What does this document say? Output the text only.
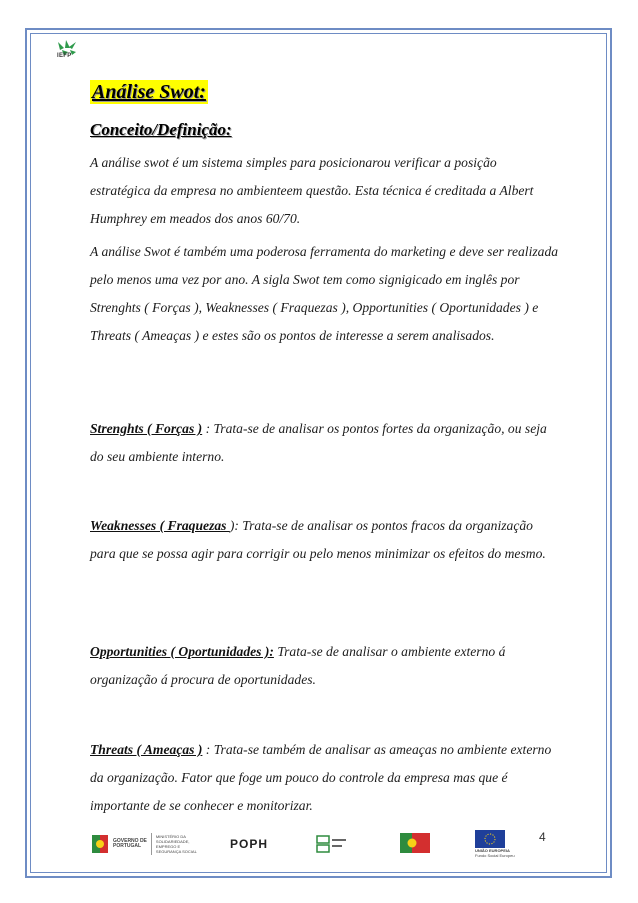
IEFP
Análise Swot:
Conceito/Definição:

A análise swot é um sistema simples para posicionarou verificar a posição estratégica da empresa no ambienteem questão. Esta técnica é creditada a Albert Humphrey em meados dos anos 60/70.

A análise Swot é também uma poderosa ferramenta do marketing e deve ser realizada pelo menos uma vez por ano. A sigla Swot tem como signigicado em inglês por Strenghts ( Forças ), Weaknesses ( Fraquezas ), Opportunities ( Oportunidades ) e Threats ( Ameaças ) e estes são os pontos de interesse a serem analisados.

Strenghts ( Forças ) : Trata-se de analisar os pontos fortes da organização, ou seja do seu ambiente interno.

Weaknesses ( Fraquezas ): Trata-se de analisar os pontos fracos da organização para que se possa agir para corrigir ou pelo menos minimizar os efeitos do mesmo.

Opportunities ( Oportunidades ): Trata-se de analisar o ambiente externo á organização á procura de oportunidades.

Threats ( Ameaças ) : Trata-se também de analisar as ameaças no ambiente externo da organização. Fator que foge um pouco do controle da empresa mas que é importante de se conhecer e monitorizar.

4
GOVERNO DE
PORTUGAL
MINISTÉRIO DA SOLIDARIEDADE, EMPREGO E SEGURANÇA SOCIAL
POPH	UNIÃO EUROPEIA
Fundo Social Europeu
